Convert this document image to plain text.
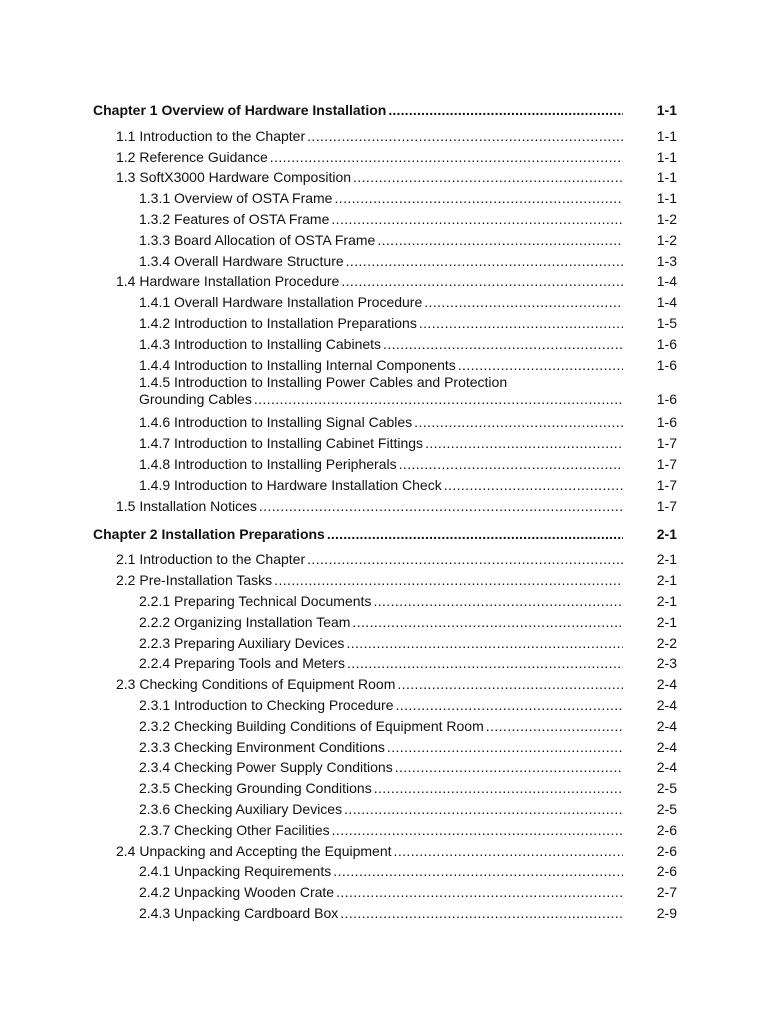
Chapter 1 Overview of Hardware Installation .....	1-1
1.1 Introduction to the Chapter .....	1-1
1.2 Reference Guidance .....	1-1
1.3 SoftX3000 Hardware Composition .....	1-1
1.3.1 Overview of OSTA Frame .....	1-1
1.3.2 Features of OSTA Frame .....	1-2
1.3.3 Board Allocation of OSTA Frame .....	1-2
1.3.4 Overall Hardware Structure .....	1-3
1.4 Hardware Installation Procedure .....	1-4
1.4.1 Overall Hardware Installation Procedure .....	1-4
1.4.2 Introduction to Installation Preparations .....	1-5
1.4.3 Introduction to Installing Cabinets .....	1-6
1.4.4 Introduction to Installing Internal Components .....	1-6
1.4.5 Introduction to Installing Power Cables and Protection
Grounding Cables .....	1-6
1.4.6 Introduction to Installing Signal Cables .....	1-6
1.4.7 Introduction to Installing Cabinet Fittings .....	1-7
1.4.8 Introduction to Installing Peripherals .....	1-7
1.4.9 Introduction to Hardware Installation Check .....	1-7
1.5 Installation Notices .....	1-7
Chapter 2 Installation Preparations .....	2-1
2.1 Introduction to the Chapter .....	2-1
2.2 Pre-Installation Tasks .....	2-1
2.2.1 Preparing Technical Documents .....	2-1
2.2.2 Organizing Installation Team .....	2-1
2.2.3 Preparing Auxiliary Devices .....	2-2
2.2.4 Preparing Tools and Meters .....	2-3
2.3 Checking Conditions of Equipment Room .....	2-4
2.3.1 Introduction to Checking Procedure .....	2-4
2.3.2 Checking Building Conditions of Equipment Room .....	2-4
2.3.3 Checking Environment Conditions .....	2-4
2.3.4 Checking Power Supply Conditions .....	2-4
2.3.5 Checking Grounding Conditions .....	2-5
2.3.6 Checking Auxiliary Devices .....	2-5
2.3.7 Checking Other Facilities .....	2-6
2.4 Unpacking and Accepting the Equipment .....	2-6
2.4.1 Unpacking Requirements .....	2-6
2.4.2 Unpacking Wooden Crate .....	2-7
2.4.3 Unpacking Cardboard Box .....	2-9
